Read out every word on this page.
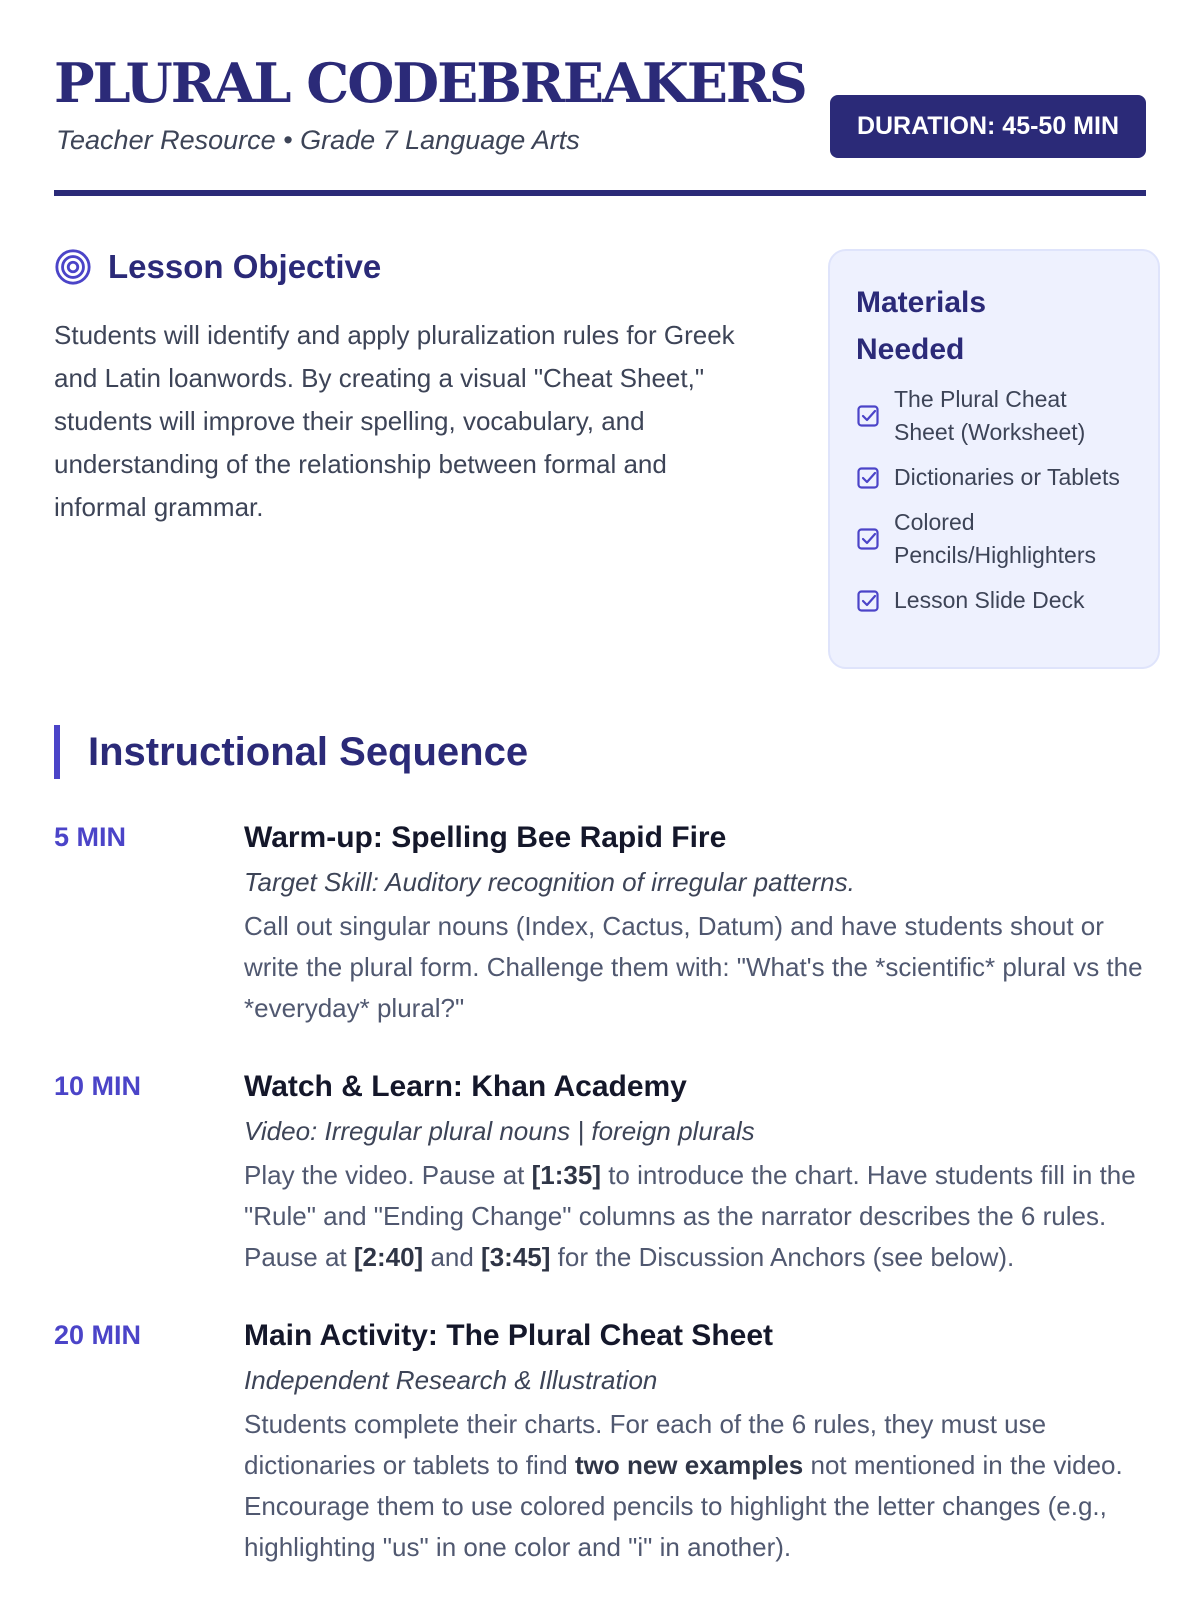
PLURAL CODEBREAKERS
Teacher Resource • Grade 7 Language Arts	DURATION: 45-50 MIN
Lesson Objective

Students will identify and apply pluralization rules for Greek and Latin loanwords. By creating a visual "Cheat Sheet," students will improve their spelling, vocabulary, and understanding of the relationship between formal and informal grammar.

Materials Needed
The Plural Cheat Sheet (Worksheet)
Dictionaries or Tablets
Colored Pencils/Highlighters
Lesson Slide Deck
Instructional Sequence
5 MIN	Warm-up: Spelling Bee Rapid Fire
Target Skill: Auditory recognition of irregular patterns.
Call out singular nouns (Index, Cactus, Datum) and have students shout or write the plural form. Challenge them with: "What's the *scientific* plural vs the *everyday* plural?"
10 MIN	Watch & Learn: Khan Academy
Video: Irregular plural nouns | foreign plurals
Play the video. Pause at [1:35] to introduce the chart. Have students fill in the "Rule" and "Ending Change" columns as the narrator describes the 6 rules. Pause at [2:40] and [3:45] for the Discussion Anchors (see below).
20 MIN	Main Activity: The Plural Cheat Sheet
Independent Research & Illustration
Students complete their charts. For each of the 6 rules, they must use dictionaries or tablets to find two new examples not mentioned in the video. Encourage them to use colored pencils to highlight the letter changes (e.g., highlighting "us" in one color and "i" in another).
